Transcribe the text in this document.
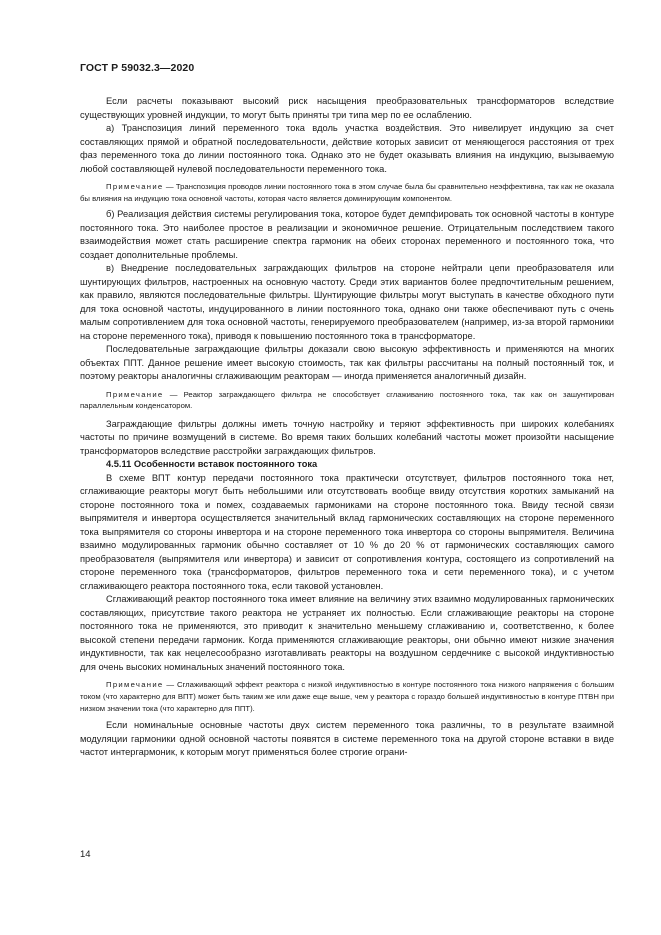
ГОСТ Р 59032.3—2020

Если расчеты показывают высокий риск насыщения преобразовательных трансформаторов вследствие существующих уровней индукции, то могут быть приняты три типа мер по ее ослаблению.

а) Транспозиция линий переменного тока вдоль участка воздействия. Это нивелирует индукцию за счет составляющих прямой и обратной последовательности, действие которых зависит от меняющегося расстояния от трех фаз переменного тока до линии постоянного тока. Однако это не будет оказывать влияния на индукцию, вызываемую любой составляющей нулевой последовательности переменного тока.

Примечание — Транспозиция проводов линии постоянного тока в этом случае была бы сравнительно неэффективна, так как не оказала бы влияния на индукцию тока основной частоты, которая часто является доминирующим компонентом.

б) Реализация действия системы регулирования тока, которое будет демпфировать ток основной частоты в контуре постоянного тока. Это наиболее простое в реализации и экономичное решение. Отрицательным последствием такого взаимодействия может стать расширение спектра гармоник на обеих сторонах переменного и постоянного тока, что создает дополнительные проблемы.

в) Внедрение последовательных заграждающих фильтров на стороне нейтрали цепи преобразователя или шунтирующих фильтров, настроенных на основную частоту. Среди этих вариантов более предпочтительным решением, как правило, являются последовательные фильтры. Шунтирующие фильтры могут выступать в качестве обходного пути для тока основной частоты, индуцированного в линии постоянного тока, однако они также обеспечивают путь с очень малым сопротивлением для тока основной частоты, генерируемого преобразователем (например, из-за второй гармоники на стороне переменного тока), приводя к повышению постоянного тока в трансформаторе.

Последовательные заграждающие фильтры доказали свою высокую эффективность и применяются на многих объектах ППТ. Данное решение имеет высокую стоимость, так как фильтры рассчитаны на полный постоянный ток, и поэтому реакторы аналогичны сглаживающим реакторам — иногда применяется аналогичный дизайн.

Примечание — Реактор заграждающего фильтра не способствует сглаживанию постоянного тока, так как он зашунтирован параллельным конденсатором.

Заграждающие фильтры должны иметь точную настройку и теряют эффективность при широких колебаниях частоты по причине возмущений в системе. Во время таких больших колебаний частоты может произойти насыщение трансформаторов вследствие расстройки заграждающих фильтров.

4.5.11 Особенности вставок постоянного тока

В схеме ВПТ контур передачи постоянного тока практически отсутствует, фильтров постоянного тока нет, сглаживающие реакторы могут быть небольшими или отсутствовать вообще ввиду отсутствия коротких замыканий на стороне постоянного тока и помех, создаваемых гармониками на стороне постоянного тока. Ввиду тесной связи выпрямителя и инвертора осуществляется значительный вклад гармонических составляющих на стороне переменного тока выпрямителя со стороны инвертора и на стороне переменного тока инвертора со стороны выпрямителя. Величина взаимно модулированных гармоник обычно составляет от 10 % до 20 % от гармонических составляющих самого преобразователя (выпрямителя или инвертора) и зависит от сопротивления контура, состоящего из сопротивлений на стороне переменного тока (трансформаторов, фильтров переменного тока и сети переменного тока), и с учетом сглаживающего реактора постоянного тока, если таковой установлен.

Сглаживающий реактор постоянного тока имеет влияние на величину этих взаимно модулированных гармонических составляющих, присутствие такого реактора не устраняет их полностью. Если сглаживающие реакторы на стороне постоянного тока не применяются, это приводит к значительно меньшему сглаживанию и, соответственно, к более высокой степени передачи гармоник. Когда применяются сглаживающие реакторы, они обычно имеют низкие значения индуктивности, так как нецелесообразно изготавливать реакторы на воздушном сердечнике с высокой индуктивностью для очень высоких номинальных значений постоянного тока.

Примечание — Сглаживающий эффект реактора с низкой индуктивностью в контуре постоянного тока низкого напряжения с большим током (что характерно для ВПТ) может быть таким же или даже еще выше, чем у реактора с гораздо большей индуктивностью в контуре ПТВН при низком значении тока (что характерно для ППТ).

Если номинальные основные частоты двух систем переменного тока различны, то в результате взаимной модуляции гармоники одной основной частоты появятся в системе переменного тока на другой стороне вставки в виде частот интергармоник, к которым могут применяться более строгие ограни-

14
